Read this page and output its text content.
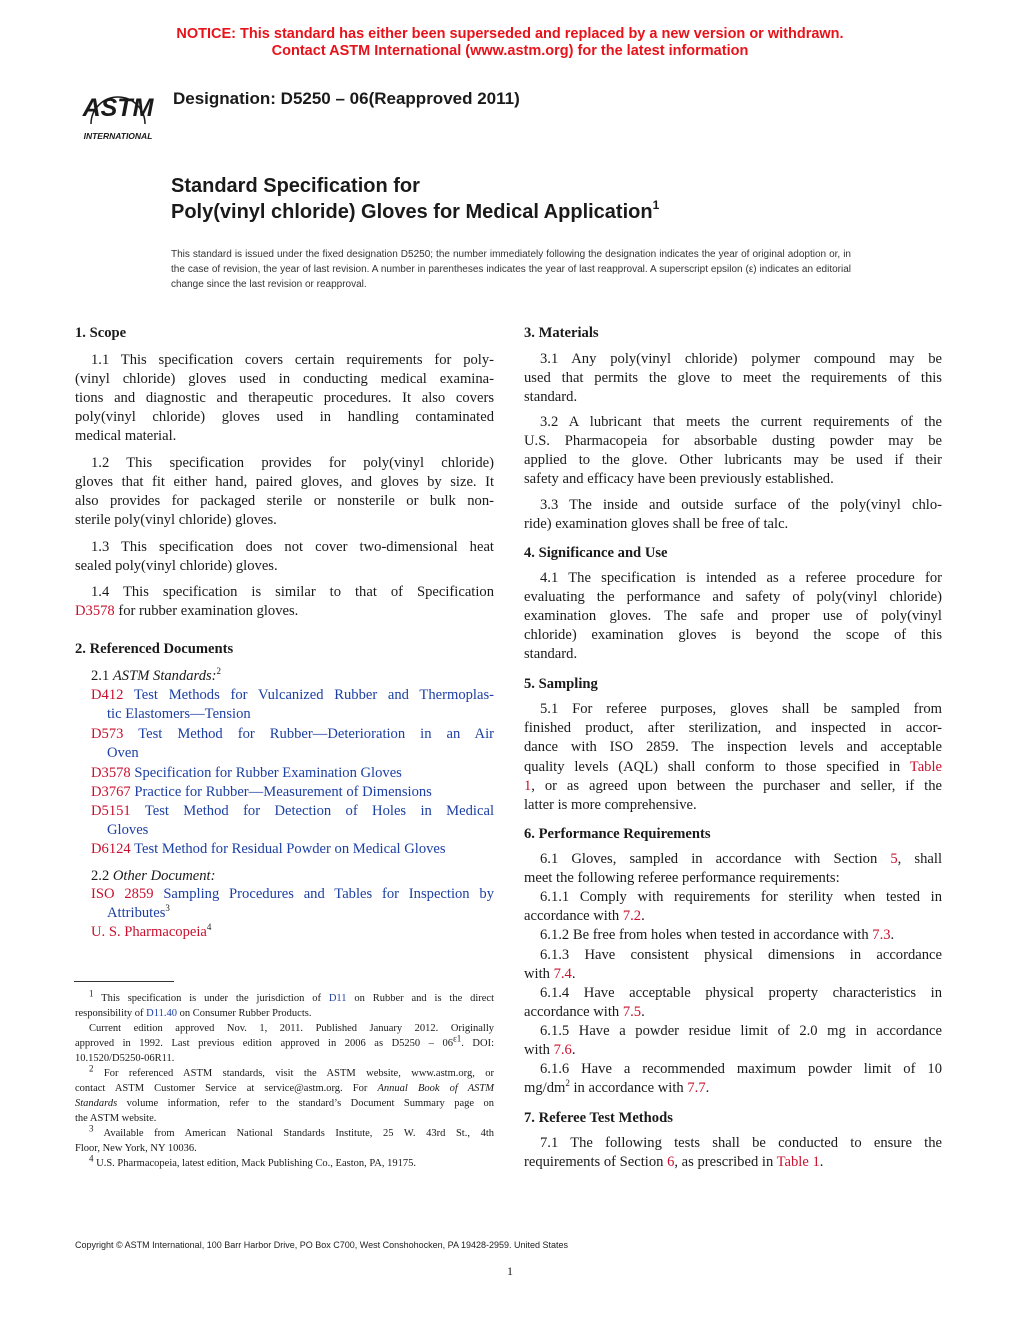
NOTICE: This standard has either been superseded and replaced by a new version or withdrawn.
Contact ASTM International (www.astm.org) for the latest information
ASTM
INTERNATIONAL
Designation: D5250 – 06(Reapproved 2011)
Standard Specification for
Poly(vinyl chloride) Gloves for Medical Application$^1$
This standard is issued under the fixed designation D5250; the number immediately following the designation indicates the year of original adoption or, in the case of revision, the year of last revision. A number in parentheses indicates the year of last reapproval. A superscript epsilon (ε) indicates an editorial change since the last revision or reapproval.
1. Scope
1.1 This specification covers certain requirements for poly-
(vinyl chloride) gloves used in conducting medical examina-
tions and diagnostic and therapeutic procedures. It also covers
poly(vinyl chloride) gloves used in handling contaminated
medical material.
1.2 This specification provides for poly(vinyl chloride)
gloves that fit either hand, paired gloves, and gloves by size. It
also provides for packaged sterile or nonsterile or bulk non-
sterile poly(vinyl chloride) gloves.
1.3 This specification does not cover two-dimensional heat
sealed poly(vinyl chloride) gloves.
1.4 This specification is similar to that of Specification
D3578 for rubber examination gloves.
2. Referenced Documents
2.1 ASTM Standards:$^2$
D412 Test Methods for Vulcanized Rubber and Thermoplas-
tic Elastomers—Tension
D573 Test Method for Rubber—Deterioration in an Air
Oven
D3578 Specification for Rubber Examination Gloves
D3767 Practice for Rubber—Measurement of Dimensions
D5151 Test Method for Detection of Holes in Medical
Gloves
D6124 Test Method for Residual Powder on Medical Gloves
2.2 Other Document:
ISO 2859 Sampling Procedures and Tables for Inspection by
Attributes$^3$
U. S. Pharmacopeia$^4$
$^1$ This specification is under the jurisdiction of D11 on Rubber and is the direct
responsibility of D11.40 on Consumer Rubber Products.
Current edition approved Nov. 1, 2011. Published January 2012. Originally
approved in 1992. Last previous edition approved in 2006 as $D5250 - 06^{\varepsilon 1}$. DOI:
10.1520/D5250-06R11.
$^2$ For referenced ASTM standards, visit the ASTM website, www.astm.org, or
contact ASTM Customer Service at service@astm.org. For Annual Book of ASTM
Standards volume information, refer to the standard’s Document Summary page on
the ASTM website.
$^3$ Available from American National Standards Institute, 25 W. 43rd St., 4th
Floor, New York, NY 10036.
$^4$ U.S. Pharmacopeia, latest edition, Mack Publishing Co., Easton, PA, 19175.
3. Materials
3.1 Any poly(vinyl chloride) polymer compound may be
used that permits the glove to meet the requirements of this
standard.
3.2 A lubricant that meets the current requirements of the
U.S. Pharmacopeia for absorbable dusting powder may be
applied to the glove. Other lubricants may be used if their
safety and efficacy have been previously established.
3.3 The inside and outside surface of the poly(vinyl chlo-
ride) examination gloves shall be free of talc.
4. Significance and Use
4.1 The specification is intended as a referee procedure for
evaluating the performance and safety of poly(vinyl chloride)
examination gloves. The safe and proper use of poly(vinyl
chloride) examination gloves is beyond the scope of this
standard.
5. Sampling
5.1 For referee purposes, gloves shall be sampled from
finished product, after sterilization, and inspected in accor-
dance with ISO 2859. The inspection levels and acceptable
quality levels (AQL) shall conform to those specified in Table
1, or as agreed upon between the purchaser and seller, if the
latter is more comprehensive.
6. Performance Requirements
6.1 Gloves, sampled in accordance with Section 5, shall
meet the following referee performance requirements:
6.1.1 Comply with requirements for sterility when tested in
accordance with 7.2.
6.1.2 Be free from holes when tested in accordance with 7.3.
6.1.3 Have consistent physical dimensions in accordance
with 7.4.
6.1.4 Have acceptable physical property characteristics in
accordance with 7.5.
6.1.5 Have a powder residue limit of 2.0 mg in accordance
with 7.6.
6.1.6 Have a recommended maximum powder limit of 10
$mg/dm^2$ in accordance with 7.7.
7. Referee Test Methods
7.1 The following tests shall be conducted to ensure the
requirements of Section 6, as prescribed in Table 1.
Copyright © ASTM International, 100 Barr Harbor Drive, PO Box C700, West Conshohocken, PA 19428-2959. United States
1
